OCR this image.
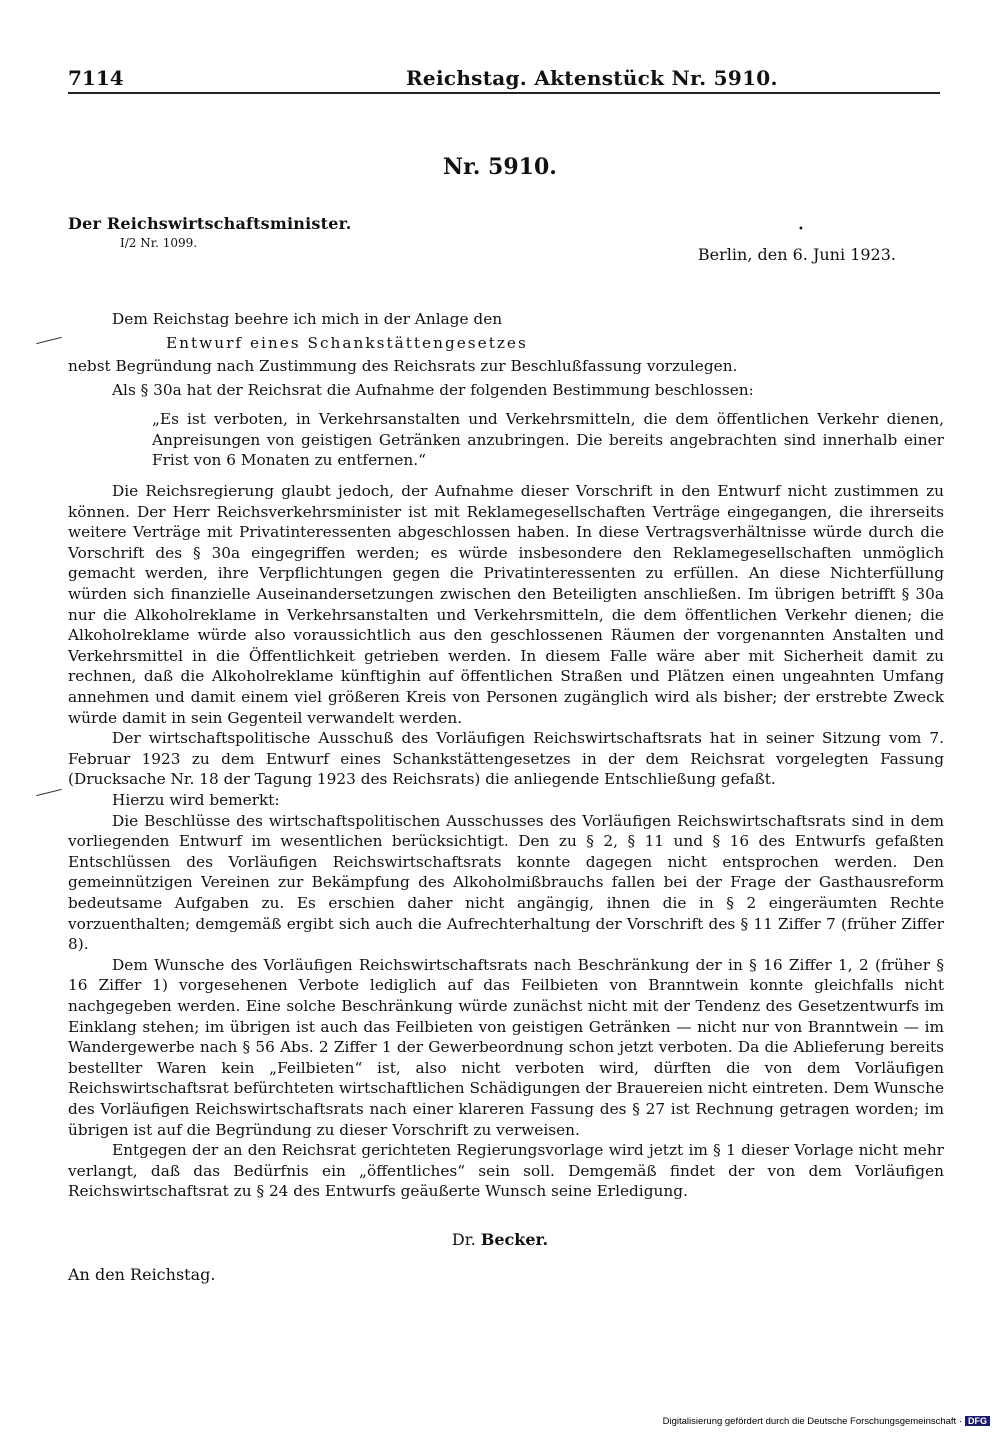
7114	Reichstag. Aktenstück Nr. 5910.
Nr. 5910.
Der Reichswirtschaftsminister.
I/2 Nr. 1099.
•
Berlin, den 6. Juni 1923.
Dem Reichstag beehre ich mich in der Anlage den
Entwurf eines Schankstättengesetzes
nebst Begründung nach Zustimmung des Reichsrats zur Beschlußfassung vorzulegen.
Als § 30a hat der Reichsrat die Aufnahme der folgenden Bestimmung beschlossen:

„Es ist verboten, in Verkehrsanstalten und Verkehrsmitteln, die dem öffentlichen Verkehr dienen, Anpreisungen von geistigen Getränken anzubringen. Die bereits angebrachten sind innerhalb einer Frist von 6 Monaten zu entfernen.“

Die Reichsregierung glaubt jedoch, der Aufnahme dieser Vorschrift in den Entwurf nicht zustimmen zu können. Der Herr Reichsverkehrsminister ist mit Reklamegesellschaften Verträge eingegangen, die ihrerseits weitere Verträge mit Privatinteressenten abgeschlossen haben. In diese Vertragsverhältnisse würde durch die Vorschrift des § 30a eingegriffen werden; es würde insbesondere den Reklamegesellschaften unmöglich gemacht werden, ihre Verpflichtungen gegen die Privatinteressenten zu erfüllen. An diese Nichterfüllung würden sich finanzielle Auseinandersetzungen zwischen den Beteiligten anschließen. Im übrigen betrifft § 30a nur die Alkoholreklame in Verkehrsanstalten und Verkehrsmitteln, die dem öffentlichen Verkehr dienen; die Alkoholreklame würde also voraussichtlich aus den geschlossenen Räumen der vorgenannten Anstalten und Verkehrsmittel in die Öffentlichkeit getrieben werden. In diesem Falle wäre aber mit Sicherheit damit zu rechnen, daß die Alkoholreklame künftighin auf öffentlichen Straßen und Plätzen einen ungeahnten Umfang annehmen und damit einem viel größeren Kreis von Personen zugänglich wird als bisher; der erstrebte Zweck würde damit in sein Gegenteil verwandelt werden.

Der wirtschaftspolitische Ausschuß des Vorläufigen Reichswirtschaftsrats hat in seiner Sitzung vom 7. Februar 1923 zu dem Entwurf eines Schankstättengesetzes in der dem Reichsrat vorgelegten Fassung (Drucksache Nr. 18 der Tagung 1923 des Reichsrats) die anliegende Entschließung gefaßt.

Hierzu wird bemerkt:

Die Beschlüsse des wirtschaftspolitischen Ausschusses des Vorläufigen Reichswirtschaftsrats sind in dem vorliegenden Entwurf im wesentlichen berücksichtigt. Den zu § 2, § 11 und § 16 des Entwurfs gefaßten Entschlüssen des Vorläufigen Reichswirtschaftsrats konnte dagegen nicht entsprochen werden. Den gemeinnützigen Vereinen zur Bekämpfung des Alkoholmißbrauchs fallen bei der Frage der Gasthausreform bedeutsame Aufgaben zu. Es erschien daher nicht angängig, ihnen die in § 2 eingeräumten Rechte vorzuenthalten; demgemäß ergibt sich auch die Aufrechterhaltung der Vorschrift des § 11 Ziffer 7 (früher Ziffer 8).

Dem Wunsche des Vorläufigen Reichswirtschaftsrats nach Beschränkung der in § 16 Ziffer 1, 2 (früher § 16 Ziffer 1) vorgesehenen Verbote lediglich auf das Feilbieten von Branntwein konnte gleichfalls nicht nachgegeben werden. Eine solche Beschränkung würde zunächst nicht mit der Tendenz des Gesetzentwurfs im Einklang stehen; im übrigen ist auch das Feilbieten von geistigen Getränken — nicht nur von Branntwein — im Wandergewerbe nach § 56 Abs. 2 Ziffer 1 der Gewerbeordnung schon jetzt verboten. Da die Ablieferung bereits bestellter Waren kein „Feilbieten“ ist, also nicht verboten wird, dürften die von dem Vorläufigen Reichswirtschaftsrat befürchteten wirtschaftlichen Schädigungen der Brauereien nicht eintreten. Dem Wunsche des Vorläufigen Reichswirtschaftsrats nach einer klareren Fassung des § 27 ist Rechnung getragen worden; im übrigen ist auf die Begründung zu dieser Vorschrift zu verweisen.

Entgegen der an den Reichsrat gerichteten Regierungsvorlage wird jetzt im § 1 dieser Vorlage nicht mehr verlangt, daß das Bedürfnis ein „öffentliches“ sein soll. Demgemäß findet der von dem Vorläufigen Reichswirtschaftsrat zu § 24 des Entwurfs geäußerte Wunsch seine Erledigung.

Dr. Becker.
An den Reichstag.
Digitalisierung gefördert durch die Deutsche Forschungsgemeinschaft · DFG
